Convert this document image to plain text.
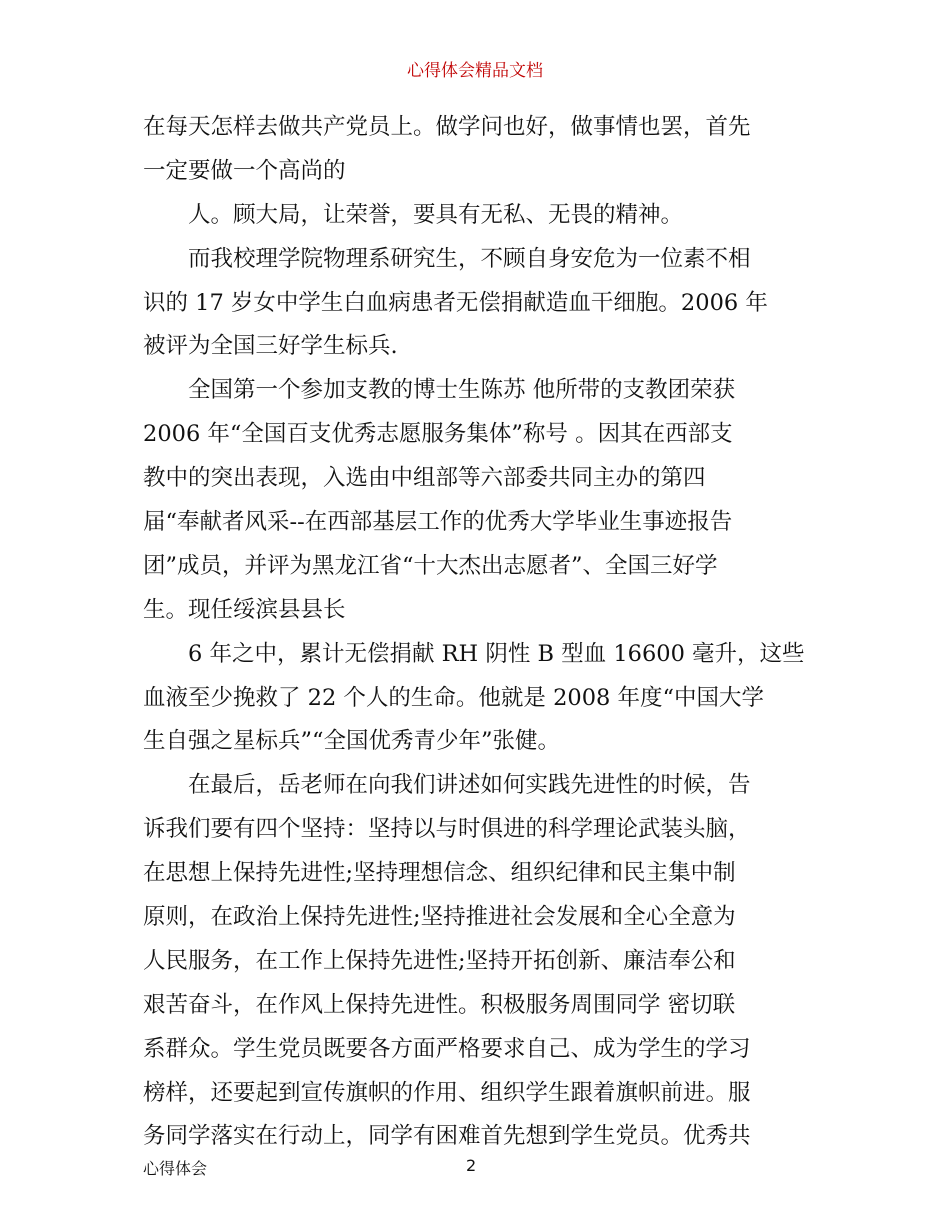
心得体会精品文档
在每天怎样去做共产党员上。做学问也好，做事情也罢，首先
一定要做一个高尚的
人。顾大局，让荣誉，要具有无私、无畏的精神。
而我校理学院物理系研究生，不顾自身安危为一位素不相
识的 17 岁女中学生白血病患者无偿捐献造血干细胞。2006 年
被评为全国三好学生标兵.
全国第一个参加支教的博士生陈苏 他所带的支教团荣获
2006 年“全国百支优秀志愿服务集体”称号 。因其在西部支
教中的突出表现，入选由中组部等六部委共同主办的第四
届“奉献者风采--在西部基层工作的优秀大学毕业生事迹报告
团”成员，并评为黑龙江省“十大杰出志愿者”、全国三好学
生。现任绥滨县县长
6 年之中，累计无偿捐献 RH 阴性 B 型血 16600 毫升，这些
血液至少挽救了 22 个人的生命。他就是 2008 年度“中国大学
生自强之星标兵”“全国优秀青少年”张健。
在最后，岳老师在向我们讲述如何实践先进性的时候，告
诉我们要有四个坚持：坚持以与时俱进的科学理论武装头脑，
在思想上保持先进性;坚持理想信念、组织纪律和民主集中制
原则，在政治上保持先进性;坚持推进社会发展和全心全意为
人民服务，在工作上保持先进性;坚持开拓创新、廉洁奉公和
艰苦奋斗，在作风上保持先进性。积极服务周围同学 密切联
系群众。学生党员既要各方面严格要求自己、成为学生的学习
榜样，还要起到宣传旗帜的作用、组织学生跟着旗帜前进。服
务同学落实在行动上，同学有困难首先想到学生党员。优秀共
心得体会	2
